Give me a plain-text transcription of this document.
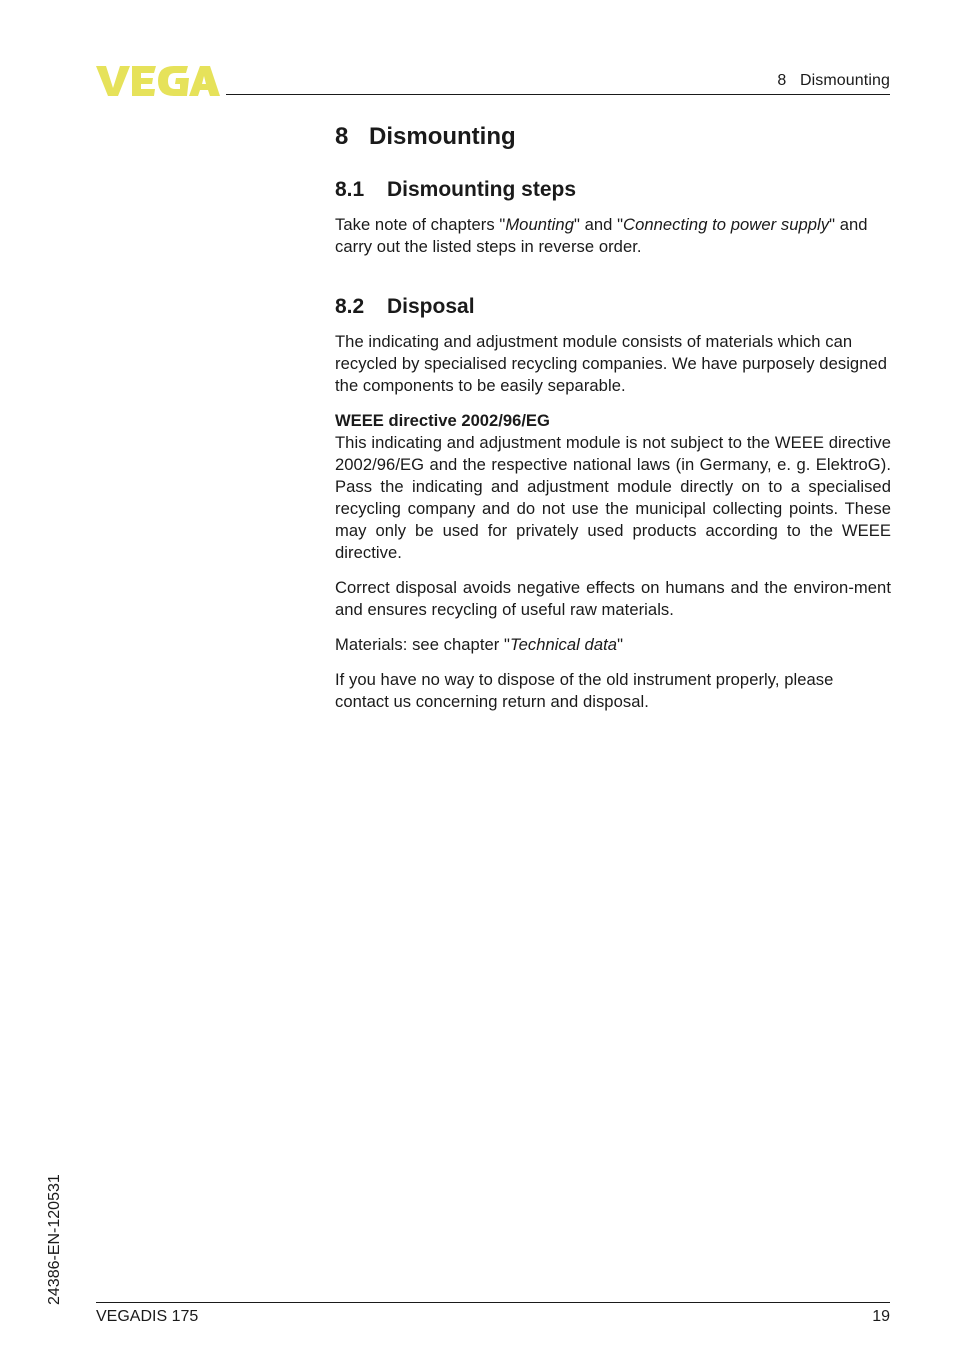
8   Dismounting
8 Dismounting
8.1 Dismounting steps

Take note of chapters "Mounting" and "Connecting to power supply" and carry out the listed steps in reverse order.

8.2 Disposal

The indicating and adjustment module consists of materials which can recycled by specialised recycling companies. We have purposely designed the components to be easily separable.

WEEE directive 2002/96/EG

This indicating and adjustment module is not subject to the WEEE directive 2002/96/EG and the respective national laws (in Germany, e. g. ElektroG). Pass the indicating and adjustment module directly on to a specialised recycling company and do not use the municipal collecting points. These may only be used for privately used products according to the WEEE directive.

Correct disposal avoids negative effects on humans and the environ-ment and ensures recycling of useful raw materials.

Materials: see chapter "Technical data"

If you have no way to dispose of the old instrument properly, please contact us concerning return and disposal.

24386-EN-120531
VEGADIS 175	19
